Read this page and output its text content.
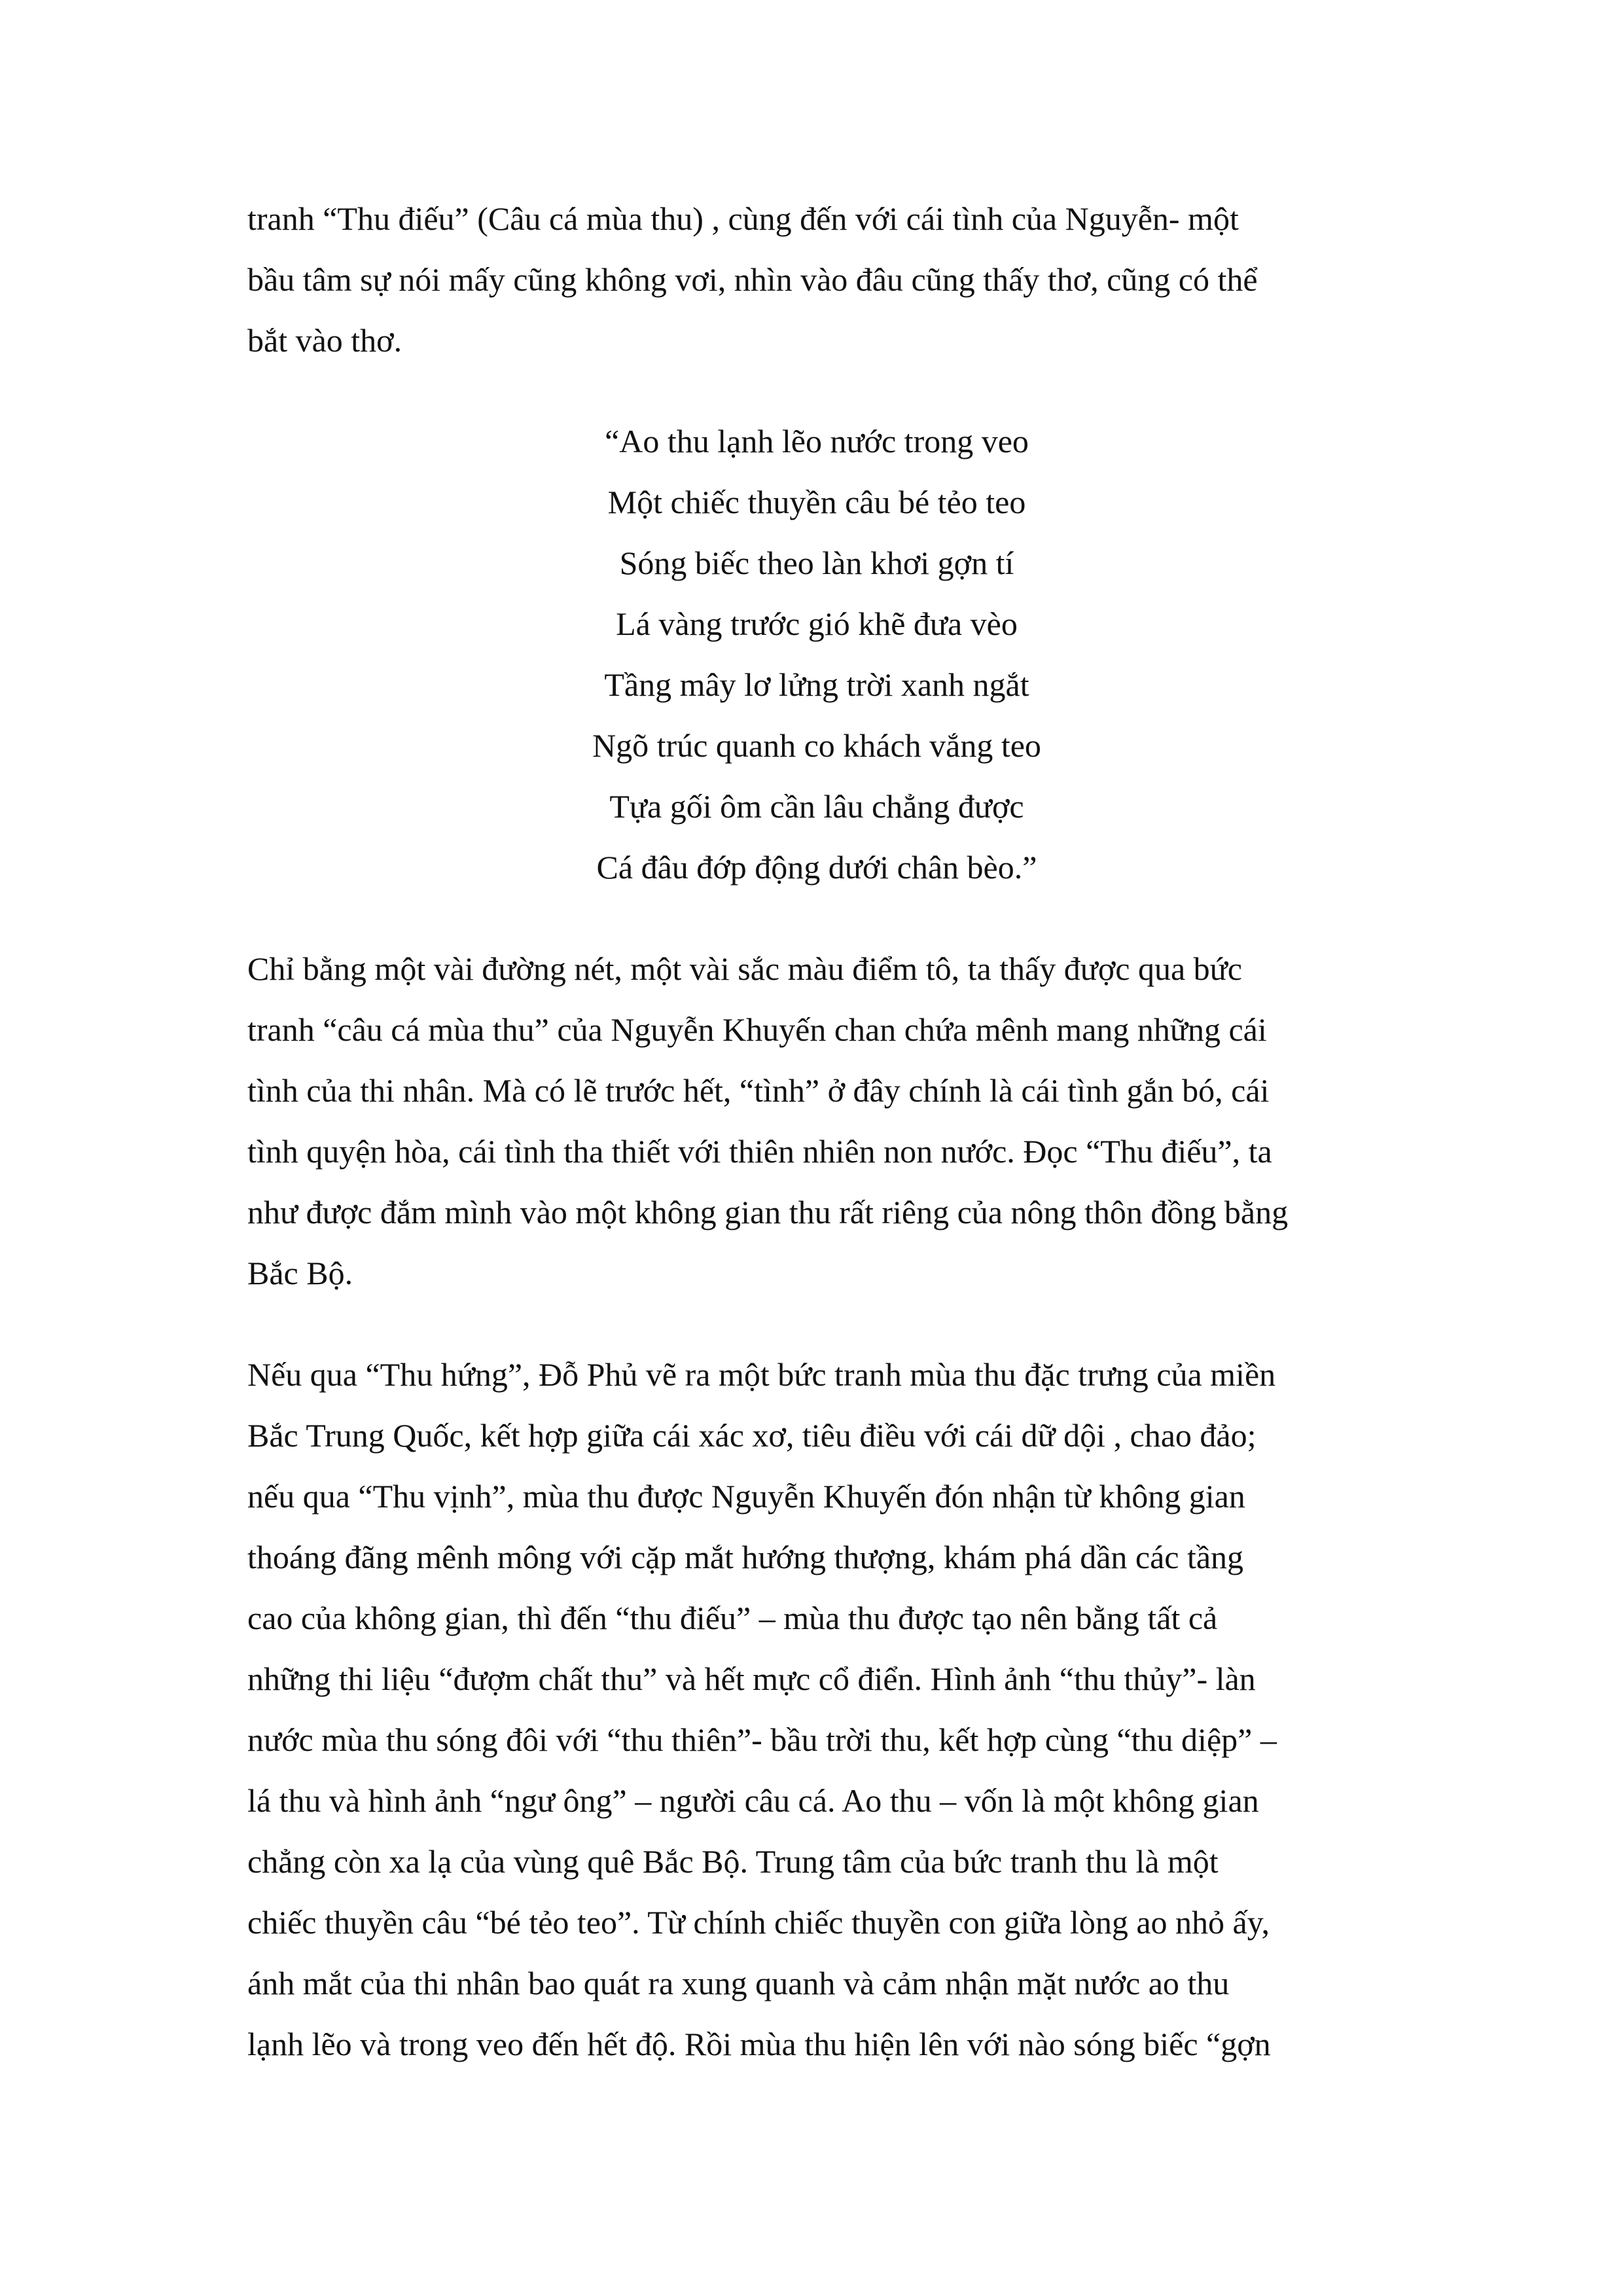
tranh “Thu điếu” (Câu cá mùa thu) , cùng đến với cái tình của Nguyễn- một
bầu tâm sự nói mấy cũng không vơi, nhìn vào đâu cũng thấy thơ, cũng có thể
bắt vào thơ.

“Ao thu lạnh lẽo nước trong veo
Một chiếc thuyền câu bé tẻo teo
Sóng biếc theo làn khơi gợn tí
Lá vàng trước gió khẽ đưa vèo
Tầng mây lơ lửng trời xanh ngắt
Ngõ trúc quanh co khách vắng teo
Tựa gối ôm cần lâu chẳng được
Cá đâu đớp động dưới chân bèo.”

Chỉ bằng một vài đường nét, một vài sắc màu điểm tô, ta thấy được qua bức
tranh “câu cá mùa thu” của Nguyễn Khuyến chan chứa mênh mang những cái
tình của thi nhân. Mà có lẽ trước hết, “tình” ở đây chính là cái tình gắn bó, cái
tình quyện hòa, cái tình tha thiết với thiên nhiên non nước. Đọc “Thu điếu”, ta
như được đắm mình vào một không gian thu rất riêng của nông thôn đồng bằng
Bắc Bộ.

Nếu qua “Thu hứng”, Đỗ Phủ vẽ ra một bức tranh mùa thu đặc trưng của miền
Bắc Trung Quốc, kết hợp giữa cái xác xơ, tiêu điều với cái dữ dội , chao đảo;
nếu qua “Thu vịnh”, mùa thu được Nguyễn Khuyến đón nhận từ không gian
thoáng đãng mênh mông với cặp mắt hướng thượng, khám phá dần các tầng
cao của không gian, thì đến “thu điếu” – mùa thu được tạo nên bằng tất cả
những thi liệu “đượm chất thu” và hết mực cổ điển. Hình ảnh “thu thủy”- làn
nước mùa thu sóng đôi với “thu thiên”- bầu trời thu, kết hợp cùng “thu diệp” –
lá thu và hình ảnh “ngư ông” – người câu cá. Ao thu – vốn là một không gian
chẳng còn xa lạ của vùng quê Bắc Bộ. Trung tâm của bức tranh thu là một
chiếc thuyền câu “bé tẻo teo”. Từ chính chiếc thuyền con giữa lòng ao nhỏ ấy,
ánh mắt của thi nhân bao quát ra xung quanh và cảm nhận mặt nước ao thu
lạnh lẽo và trong veo đến hết độ. Rồi mùa thu hiện lên với nào sóng biếc “gợn
